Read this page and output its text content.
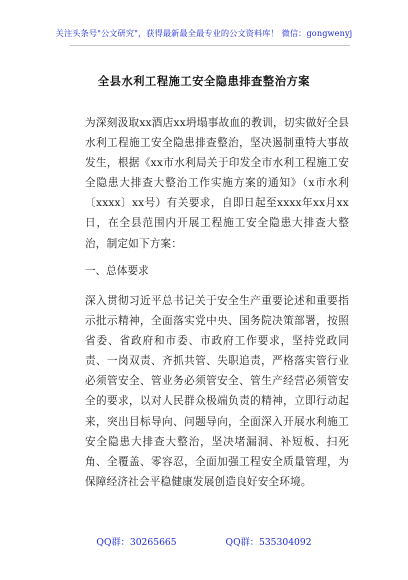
关注头条号"公文研究"，获得最新最全最专业的公文资料库！ 微信：gongwenyj
全县水利工程施工安全隐患排查整治方案

为深刻汲取xx酒店xx坍塌事故血的教训，切实做好全县水利工程施工安全隐患排查整治，坚决遏制重特大事故发生，根据《xx市水利局关于印发全市水利工程施工安全隐患大排查大整治工作实施方案的通知》（x市水利〔xxxx〕xx号）有关要求，自即日起至xxxx年xx月xx日，在全县范围内开展工程施工安全隐患大排查大整治，制定如下方案：

一、总体要求

深入贯彻习近平总书记关于安全生产重要论述和重要指示批示精神，全面落实党中央、国务院决策部署，按照省委、省政府和市委、市政府工作要求，坚持党政同责、一岗双责、齐抓共管、失职追责，严格落实管行业必须管安全、管业务必须管安全、管生产经营必须管安全的要求，以对人民群众极端负责的精神，立即行动起来，突出目标导向、问题导向，全面深入开展水利施工安全隐患大排查大整治，坚决堵漏洞、补短板、扫死角、全覆盖、零容忍，全面加强工程安全质量管理，为保障经济社会平稳健康发展创造良好安全环境。

QQ群：30265665	QQ群：535304092
